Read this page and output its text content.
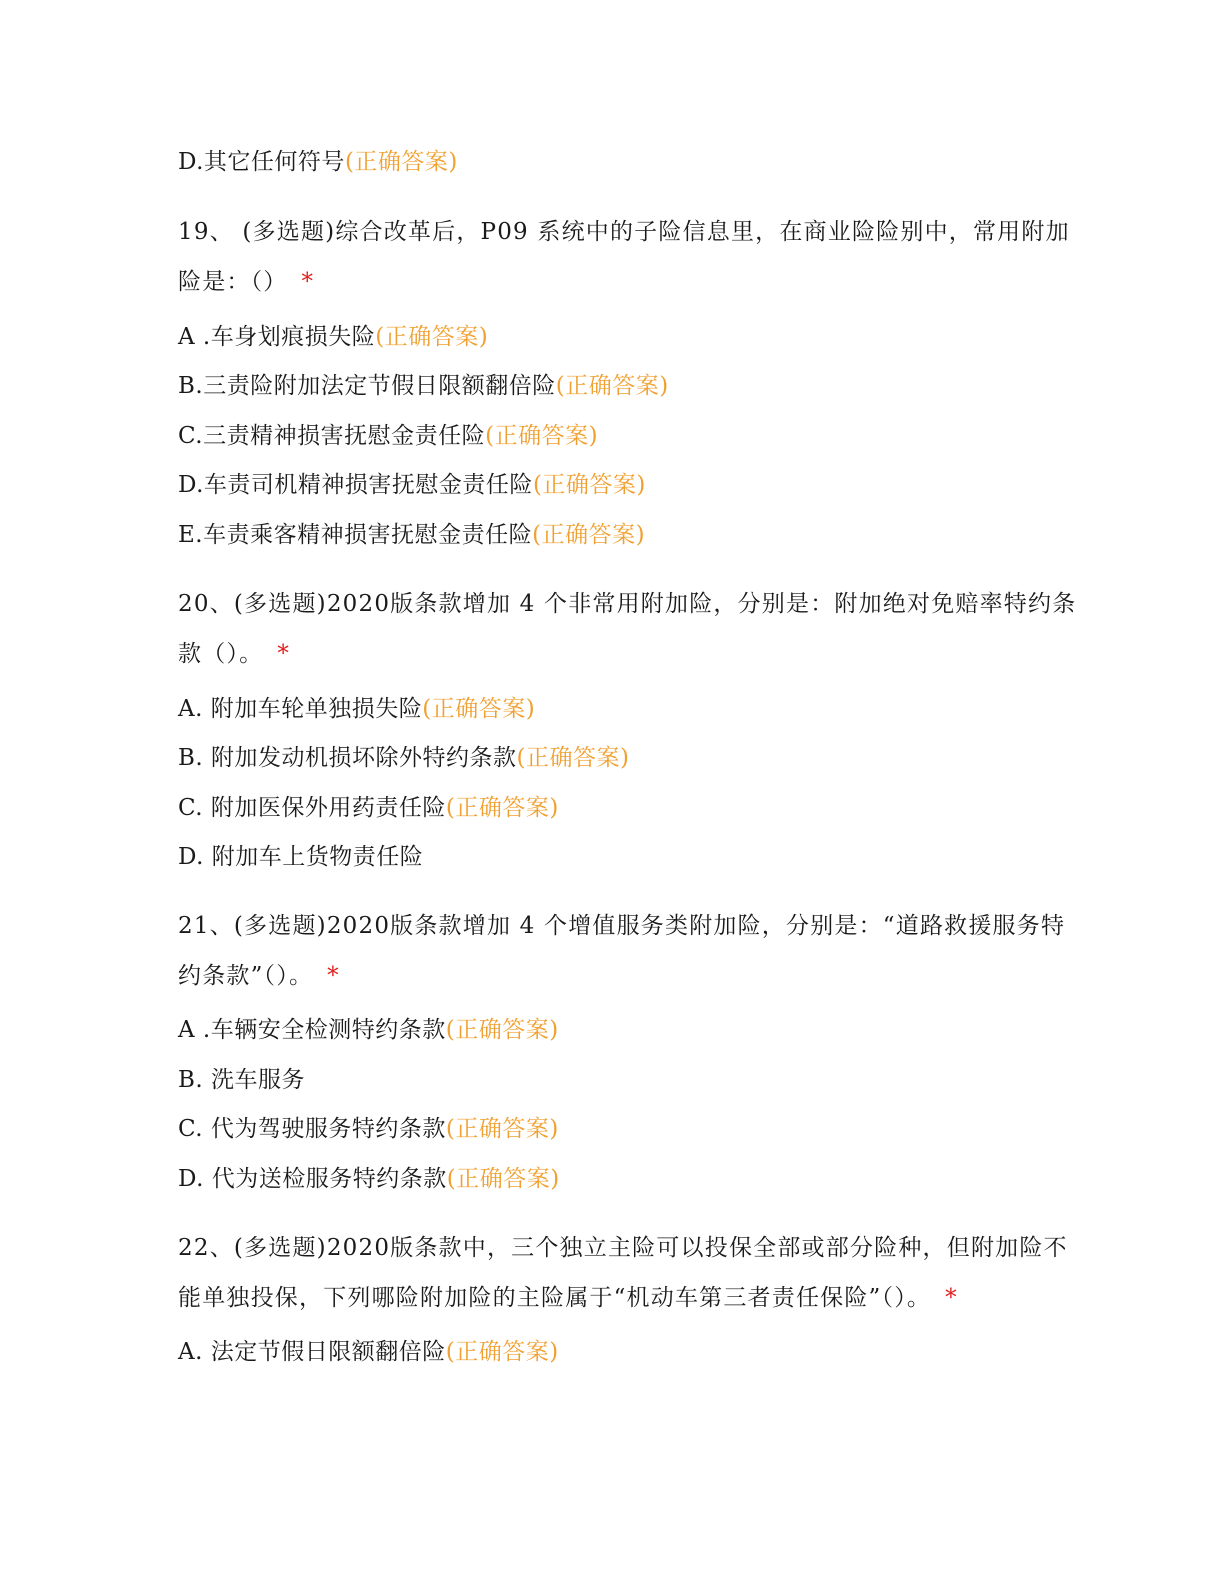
D.其它任何符号(正确答案)
19、 (多选题)综合改革后，P09 系统中的子险信息里，在商业险险别中，常用附加
险是：（） *
A .车身划痕损失险(正确答案)
B.三责险附加法定节假日限额翻倍险(正确答案)
C.三责精神损害抚慰金责任险(正确答案)
D.车责司机精神损害抚慰金责任险(正确答案)
E.车责乘客精神损害抚慰金责任险(正确答案)
20、(多选题)2020版条款增加 4 个非常用附加险，分别是：附加绝对免赔率特约条
款（）。 *
A. 附加车轮单独损失险(正确答案)
B. 附加发动机损坏除外特约条款(正确答案)
C. 附加医保外用药责任险(正确答案)
D. 附加车上货物责任险
21、(多选题)2020版条款增加 4 个增值服务类附加险，分别是：“道路救援服务特
约条款”（）。 *
A .车辆安全检测特约条款(正确答案)
B. 洗车服务
C. 代为驾驶服务特约条款(正确答案)
D. 代为送检服务特约条款(正确答案)
22、(多选题)2020版条款中，三个独立主险可以投保全部或部分险种，但附加险不
能单独投保，下列哪险附加险的主险属于“机动车第三者责任保险”（）。 *
A. 法定节假日限额翻倍险(正确答案)
